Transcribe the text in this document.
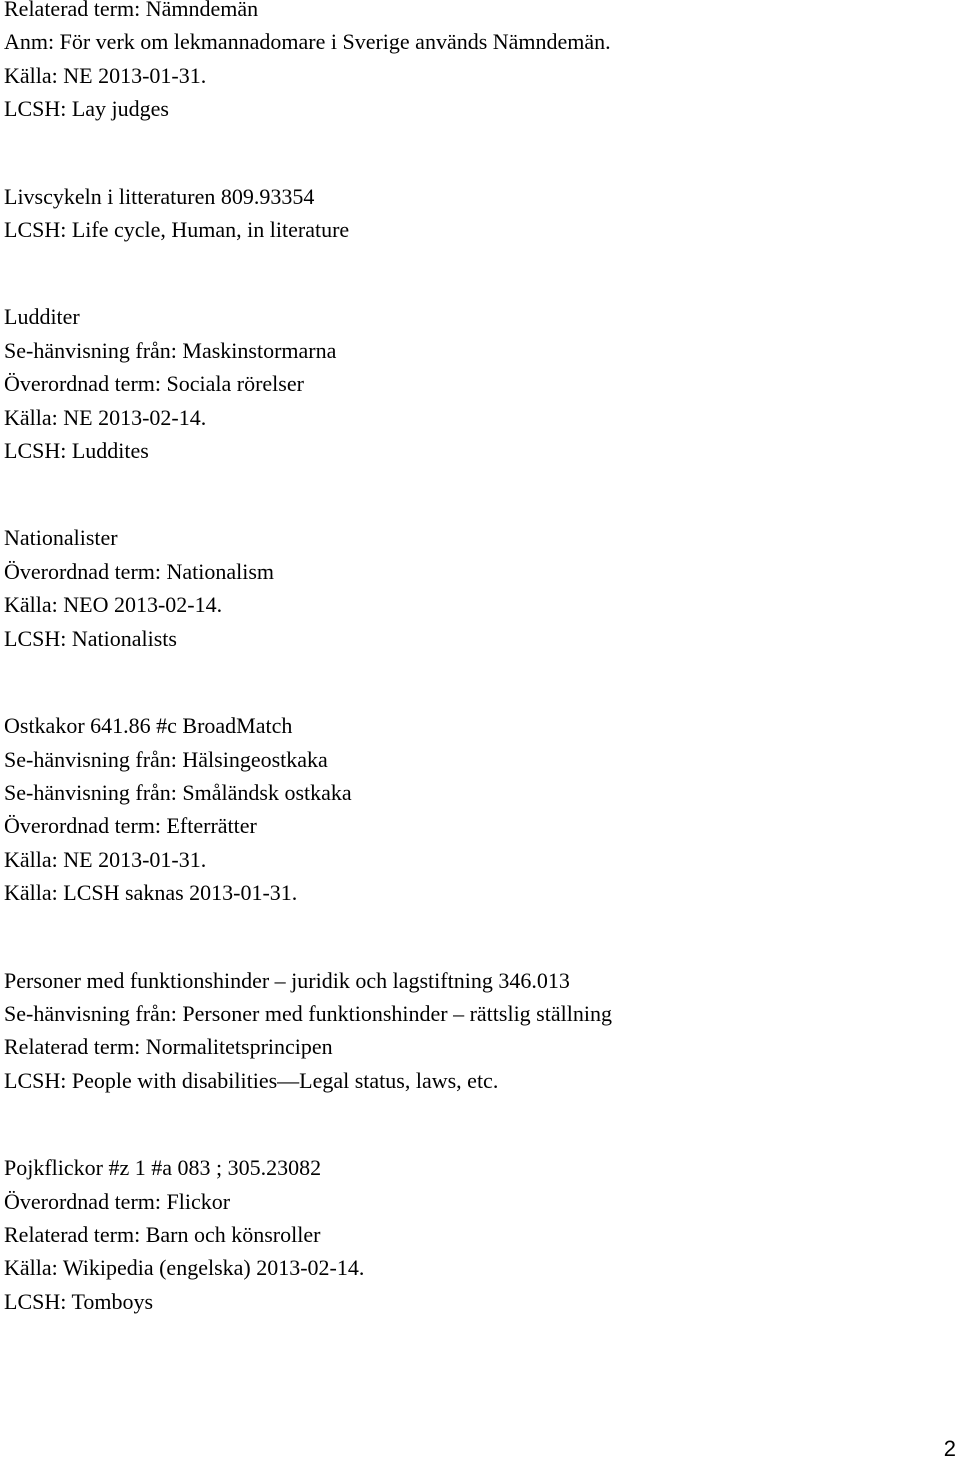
Relaterad term: Nämndemän
Anm: För verk om lekmannadomare i Sverige används Nämndemän.
Källa: NE 2013-01-31.
LCSH: Lay judges
Livscykeln i litteraturen 809.93354
LCSH: Life cycle, Human, in literature
Ludditer
Se-hänvisning från: Maskinstormarna
Överordnad term: Sociala rörelser
Källa: NE 2013-02-14.
LCSH: Luddites
Nationalister
Överordnad term: Nationalism
Källa: NEO 2013-02-14.
LCSH: Nationalists
Ostkakor 641.86 #c BroadMatch
Se-hänvisning från: Hälsingeostkaka
Se-hänvisning från: Småländsk ostkaka
Överordnad term: Efterrätter
Källa: NE 2013-01-31.
Källa: LCSH saknas 2013-01-31.
Personer med funktionshinder – juridik och lagstiftning 346.013
Se-hänvisning från: Personer med funktionshinder – rättslig ställning
Relaterad term: Normalitetsprincipen
LCSH: People with disabilities—Legal status, laws, etc.
Pojkflickor #z 1 #a 083 ; 305.23082
Överordnad term: Flickor
Relaterad term: Barn och könsroller
Källa: Wikipedia (engelska) 2013-02-14.
LCSH: Tomboys
2
